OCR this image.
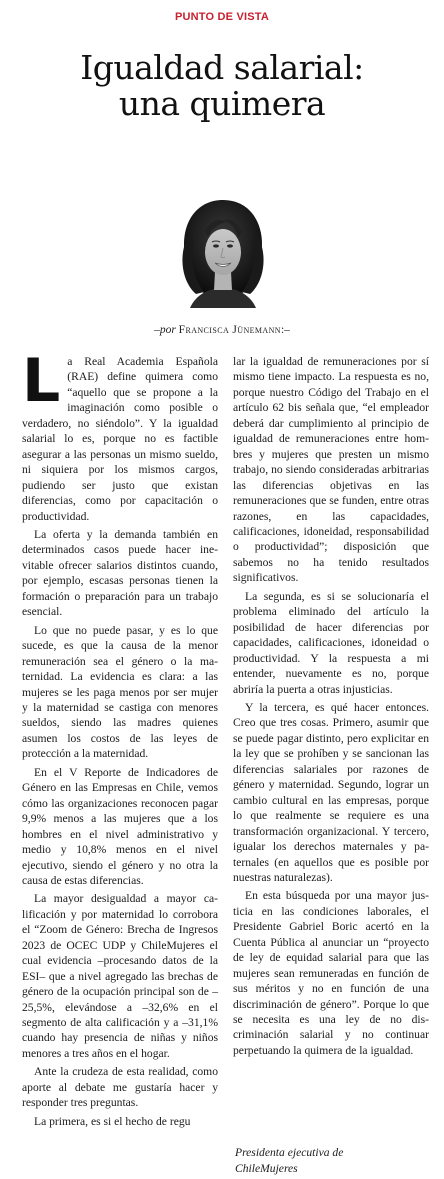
PUNTO DE VISTA
Igualdad salarial:
una quimera
–por Francisca Jünemann:–

La Real Academia Española (RAE) define quimera como “aquello que se propone a la imaginación como posible o verdadero, no siéndolo”. Y la igualdad salarial lo es, porque no es factible asegurar a las personas un mismo sueldo, ni siquiera por los mismos cargos, pudiendo ser justo que existan diferencias, como por capacitación o productividad.

La oferta y la demanda también en determinados casos puede hacer inevitable ofrecer salarios distintos cuando, por ejemplo, escasas personas tienen la formación o preparación para un trabajo esencial.

Lo que no puede pasar, y es lo que sucede, es que la causa de la menor remuneración sea el género o la maternidad. La evidencia es clara: a las mujeres se les paga menos por ser mujer y la maternidad se castiga con menores sueldos, siendo las madres quienes asumen los costos de las leyes de protección a la maternidad.

En el V Reporte de Indicadores de Género en las Empresas en Chile, vemos cómo las organizaciones reconocen pagar 9,9% menos a las mujeres que a los hombres en el nivel administrativo y medio y 10,8% menos en el nivel ejecutivo, siendo el género y no otra la causa de estas diferencias.

La mayor desigualdad a mayor calificación y por maternidad lo corrobora el “Zoom de Género: Brecha de Ingresos 2023 de OCEC UDP y ChileMujeres el cual evidencia –procesando datos de la ESI– que a nivel agregado las brechas de género de la ocupación principal son de –25,5%, elevándose a –32,6% en el segmento de alta calificación y a –31,1% cuando hay presencia de niñas y niños menores a tres años en el hogar.

Ante la crudeza de esta realidad, como aporte al debate me gustaría hacer y responder tres preguntas.

La primera, es si el hecho de regu

lar la igualdad de remuneraciones por sí mismo tiene impacto. La respuesta es no, porque nuestro Código del Trabajo en el artículo 62 bis señala que, “el empleador deberá dar cumplimiento al principio de igualdad de remuneraciones entre hombres y mujeres que presten un mismo trabajo, no siendo consideradas arbitrarias las diferencias objetivas en las remuneraciones que se funden, entre otras razones, en las capacidades, calificaciones, idoneidad, responsabilidad o productividad”; disposición que sabemos no ha tenido resultados significativos.

La segunda, es si se solucionaría el problema eliminado del artículo la posibilidad de hacer diferencias por capacidades, calificaciones, idoneidad o productividad. Y la respuesta a mi entender, nuevamente es no, porque abriría la puerta a otras injusticias.

Y la tercera, es qué hacer entonces. Creo que tres cosas. Primero, asumir que se puede pagar distinto, pero explicitar en la ley que se prohíben y se sancionan las diferencias salariales por razones de género y maternidad. Segundo, lograr un cambio cultural en las empresas, porque lo que realmente se requiere es una transformación organizacional. Y tercero, igualar los derechos maternales y paternales (en aquellos que es posible por nuestras naturalezas).

En esta búsqueda por una mayor justicia en las condiciones laborales, el Presidente Gabriel Boric acertó en la Cuenta Pública al anunciar un “proyecto de ley de equidad salarial para que las mujeres sean remuneradas en función de sus méritos y no en función de una discriminación de género”. Porque lo que se necesita es una ley de no discriminación salarial y no continuar perpetuando la quimera de la igualdad.

Presidenta ejecutiva de
ChileMujeres
